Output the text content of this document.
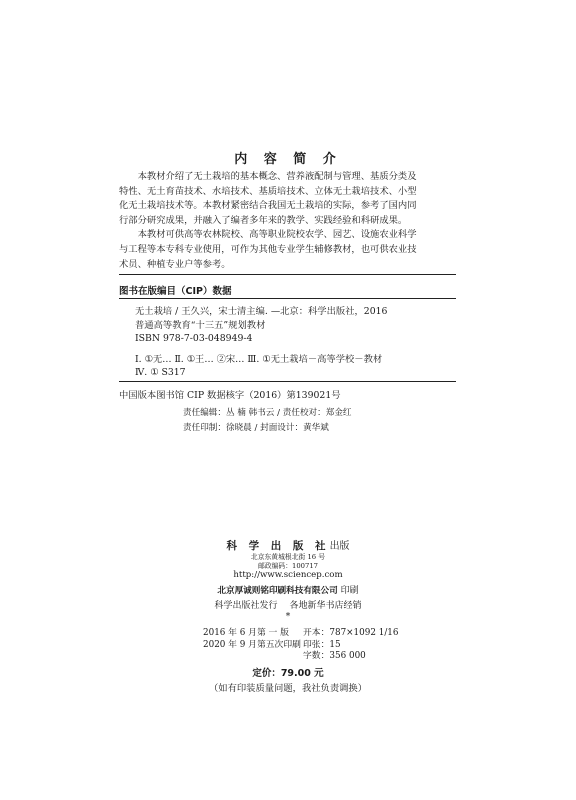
内 容 简 介

本教材介绍了无土栽培的基本概念、营养液配制与管理、基质分类及

特性、无土育苗技术、水培技术、基质培技术、立体无土栽培技术、小型

化无土栽培技术等。本教材紧密结合我国无土栽培的实际，参考了国内同

行部分研究成果，并融入了编者多年来的教学、实践经验和科研成果。

本教材可供高等农林院校、高等职业院校农学、园艺、设施农业科学

与工程等本专科专业使用，可作为其他专业学生辅修教材，也可供农业技

术员、种植专业户等参考。

图书在版编目（CIP）数据
无土栽培 / 王久兴，宋士清主编. —北京：科学出版社，2016
普通高等教育“十三五”规划教材
ISBN 978-7-03-048949-4
Ⅰ. ①无… Ⅱ. ①王… ②宋… Ⅲ. ①无土栽培－高等学校－教材
Ⅳ. ① S317
中国版本图书馆 CIP 数据核字（2016）第139021号
责任编辑：丛 楠 韩书云 / 责任校对：郑金红
责任印制：徐晓晨 / 封面设计：黄华斌
科 学 出 版 社出版
北京东黄城根北街 16 号
邮政编码：100717
http://www.sciencep.com
北京厚诚则铭印刷科技有限公司 印刷
科学出版社发行 各地新华书店经销
*
2016 年 6 月第 一 版 开本：787×1092 1/16
2020 年 9 月第五次印刷 印张：15
字数：356 000
定价：79.00 元
（如有印装质量问题，我社负责调换）
